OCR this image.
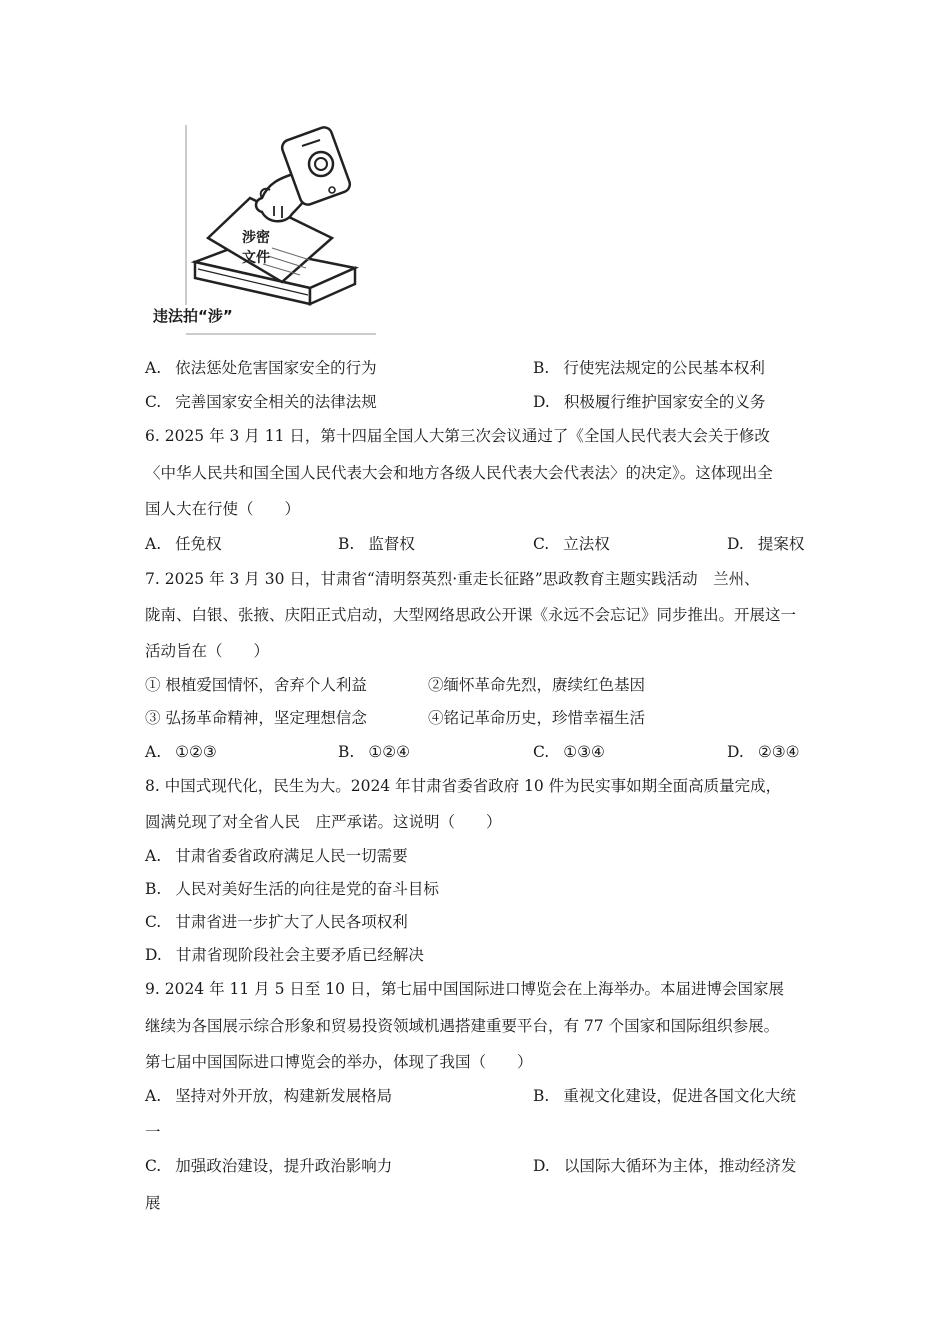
涉密
文件
违法拍“涉”
A. 依法惩处危害国家安全的行为	B. 行使宪法规定的公民基本权利
C. 完善国家安全相关的法律法规	D. 积极履行维护国家安全的义务
6. 2025 年 3 月 11 日，第十四届全国人大第三次会议通过了《全国人民代表大会关于修改
〈中华人民共和国全国人民代表大会和地方各级人民代表大会代表法〉的决定》。这体现出全
国人大在行使（　　）
A. 任免权	B. 监督权	C. 立法权	D. 提案权
7. 2025 年 3 月 30 日，甘肃省“清明祭英烈·重走长征路”思政教育主题实践活动　兰州、
陇南、白银、张掖、庆阳正式启动，大型网络思政公开课《永远不会忘记》同步推出。开展这一
活动旨在（　　）
① 根植爱国情怀，舍弃个人利益	②缅怀革命先烈，赓续红色基因
③ 弘扬革命精神，坚定理想信念	④铭记革命历史，珍惜幸福生活
A. ①②③	B. ①②④	C. ①③④	D. ②③④
8. 中国式现代化，民生为大。2024 年甘肃省委省政府 10 件为民实事如期全面高质量完成，
圆满兑现了对全省人民　庄严承诺。这说明（　　）
A. 甘肃省委省政府满足人民一切需要
B. 人民对美好生活的向往是党的奋斗目标
C. 甘肃省进一步扩大了人民各项权利
D. 甘肃省现阶段社会主要矛盾已经解决
9. 2024 年 11 月 5 日至 10 日，第七届中国国际进口博览会在上海举办。本届进博会国家展
继续为各国展示综合形象和贸易投资领域机遇搭建重要平台，有 77 个国家和国际组织参展。
第七届中国国际进口博览会的举办，体现了我国（　　）
A. 坚持对外开放，构建新发展格局	B. 重视文化建设，促进各国文化大统
一
C. 加强政治建设，提升政治影响力	D. 以国际大循环为主体，推动经济发
展
